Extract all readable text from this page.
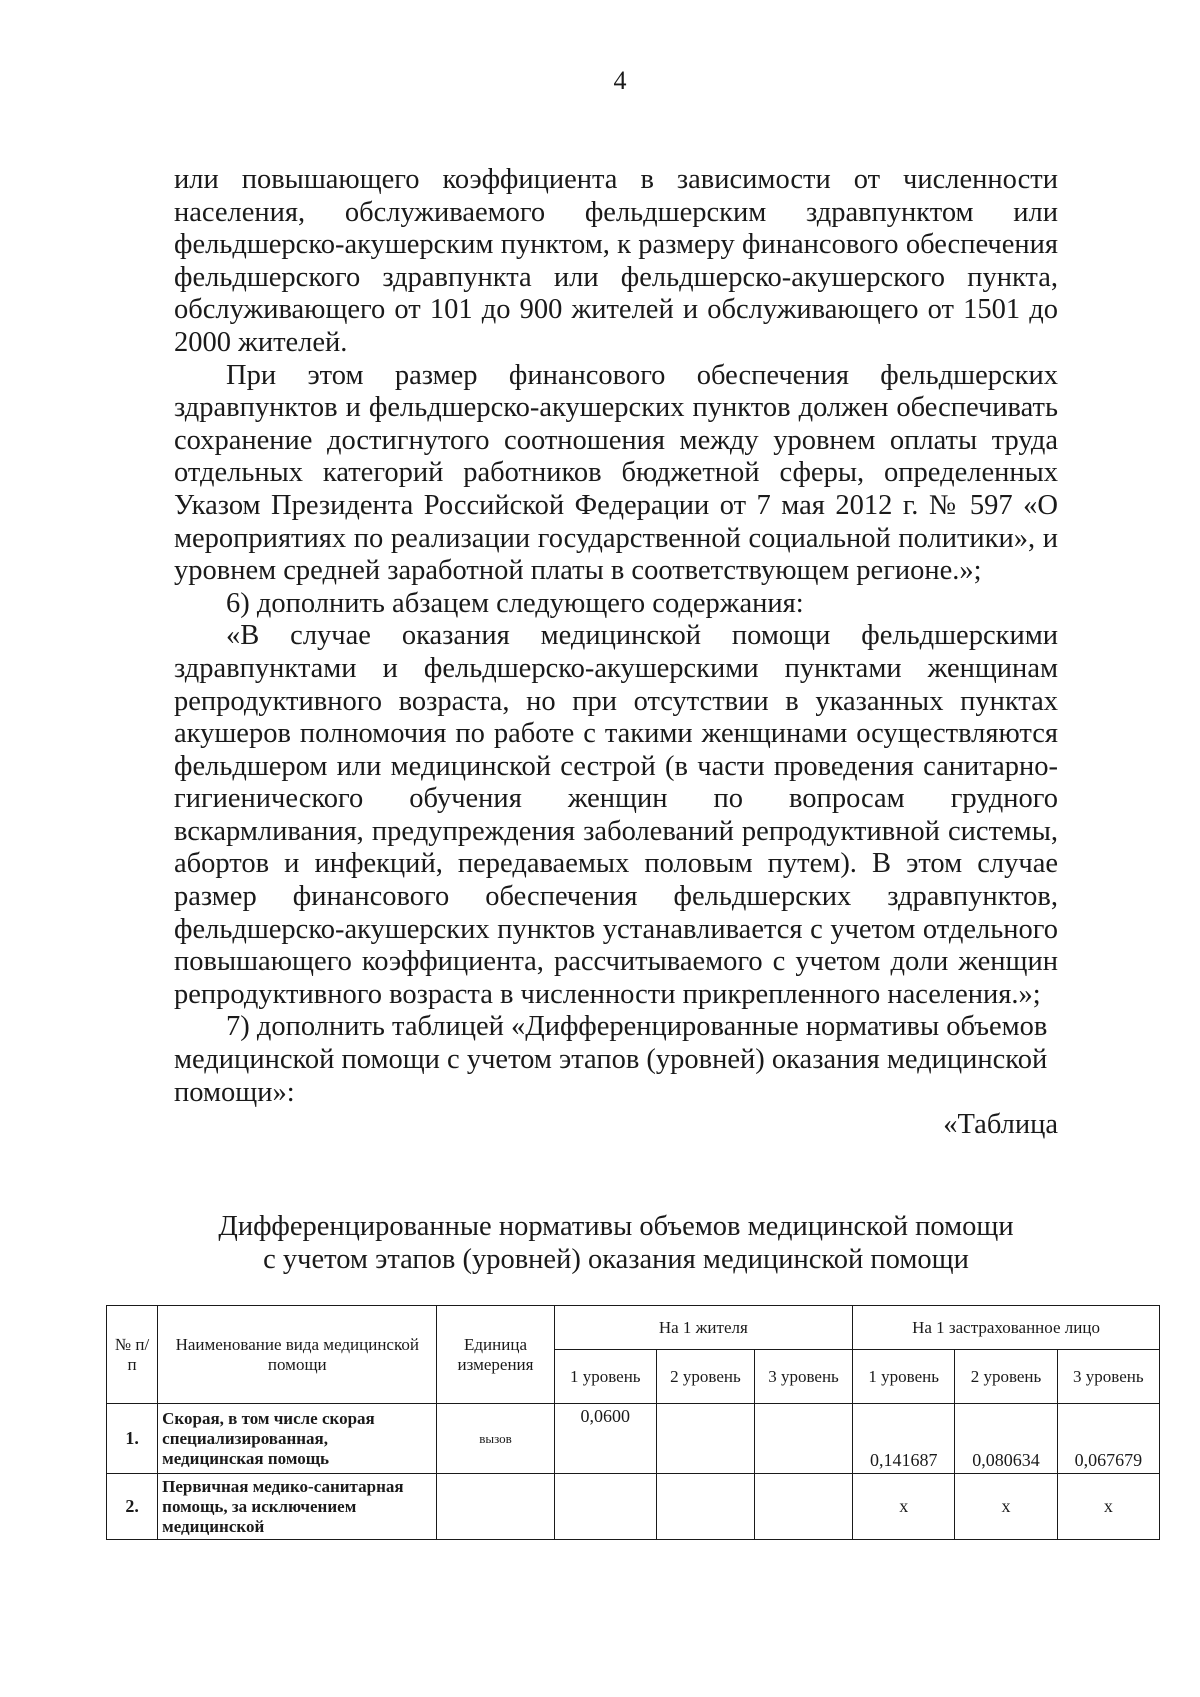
4

или повышающего коэффициента в зависимости от численности населения, обслуживаемого фельдшерским здравпунктом или фельдшерско-акушерским пунктом, к размеру финансового обеспечения фельдшерского здравпункта или фельдшерско-акушерского пункта, обслуживающего от 101 до 900 жителей и обслуживающего от 1501 до 2000 жителей.

При этом размер финансового обеспечения фельдшерских здравпунктов и фельдшерско-акушерских пунктов должен обеспечивать сохранение достигнутого соотношения между уровнем оплаты труда отдельных категорий работников бюджетной сферы, определенных Указом Президента Российской Федерации от 7 мая 2012 г. № 597 «О мероприятиях по реализации государственной социальной политики», и уровнем средней заработной платы в соответствующем регионе.»;

6) дополнить абзацем следующего содержания:

«В случае оказания медицинской помощи фельдшерскими здравпунктами и фельдшерско-акушерскими пунктами женщинам репродуктивного возраста, но при отсутствии в указанных пунктах акушеров полномочия по работе с такими женщинами осуществляются фельдшером или медицинской сестрой (в части проведения санитарно-гигиенического обучения женщин по вопросам грудного вскармливания, предупреждения заболеваний репродуктивной системы, абортов и инфекций, передаваемых половым путем). В этом случае размер финансового обеспечения фельдшерских здравпунктов, фельдшерско-акушерских пунктов устанавливается с учетом отдельного повышающего коэффициента, рассчитываемого с учетом доли женщин репродуктивного возраста в численности прикрепленного населения.»;

7) дополнить таблицей «Дифференцированные нормативы объемов медицинской помощи с учетом этапов (уровней) оказания медицинской помощи»:

«Таблица

Дифференцированные нормативы объемов медицинской помощи
с учетом этапов (уровней) оказания медицинской помощи
№ п/п	Наименование вида медицинской помощи	Единица измерения	На 1 жителя			На 1 застрахованное лицо		
			1 уровень	2 уровень	3 уровень	1 уровень	2 уровень	3 уровень
1.	Скорая, в том числе скорая специализированная, медицинская помощь	вызов	0,0600			0,141687	0,080634	0,067679
2.	Первичная медико-санитарная помощь, за исключением медицинской					х	х	х
